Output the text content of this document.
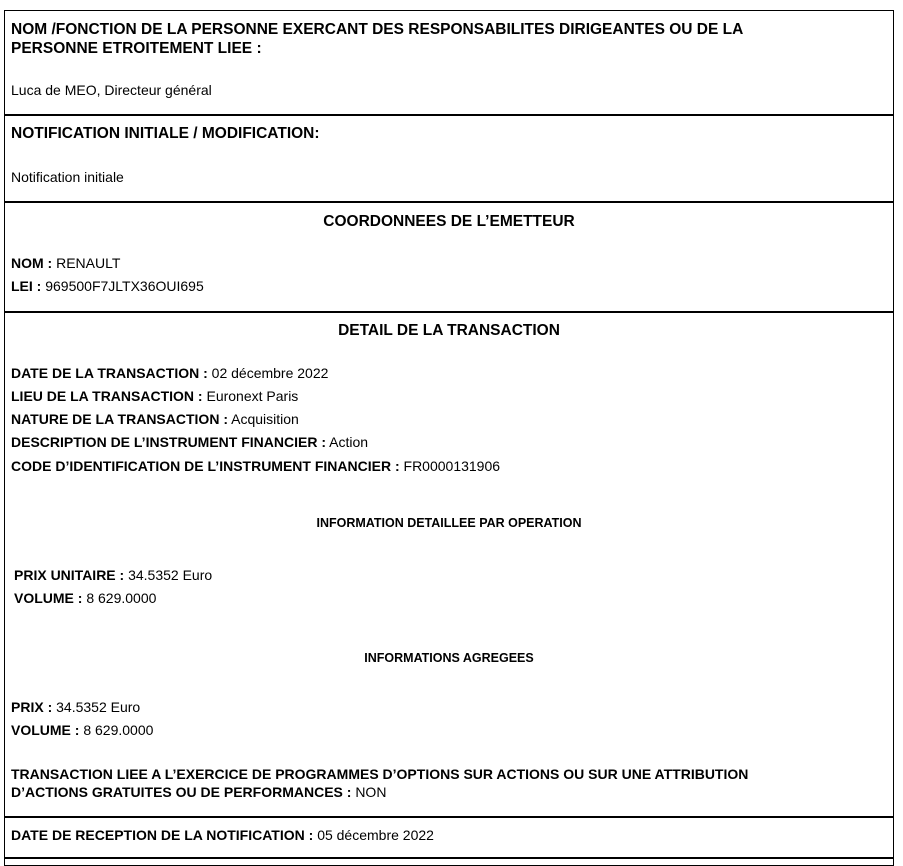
NOM /FONCTION DE LA PERSONNE EXERCANT DES RESPONSABILITES DIRIGEANTES OU DE LA
PERSONNE ETROITEMENT LIEE :
Luca de MEO, Directeur général
NOTIFICATION INITIALE / MODIFICATION:
Notification initiale
COORDONNEES DE L’EMETTEUR
NOM : RENAULT
LEI : 969500F7JLTX36OUI695
DETAIL DE LA TRANSACTION
DATE DE LA TRANSACTION : 02 décembre 2022
LIEU DE LA TRANSACTION : Euronext Paris
NATURE DE LA TRANSACTION : Acquisition
DESCRIPTION DE L’INSTRUMENT FINANCIER : Action
CODE D’IDENTIFICATION DE L’INSTRUMENT FINANCIER : FR0000131906
INFORMATION DETAILLEE PAR OPERATION
PRIX UNITAIRE : 34.5352 Euro
VOLUME : 8 629.0000
INFORMATIONS AGREGEES
PRIX : 34.5352 Euro
VOLUME : 8 629.0000
TRANSACTION LIEE A L’EXERCICE DE PROGRAMMES D’OPTIONS SUR ACTIONS OU SUR UNE ATTRIBUTION
D’ACTIONS GRATUITES OU DE PERFORMANCES : NON
DATE DE RECEPTION DE LA NOTIFICATION : 05 décembre 2022
